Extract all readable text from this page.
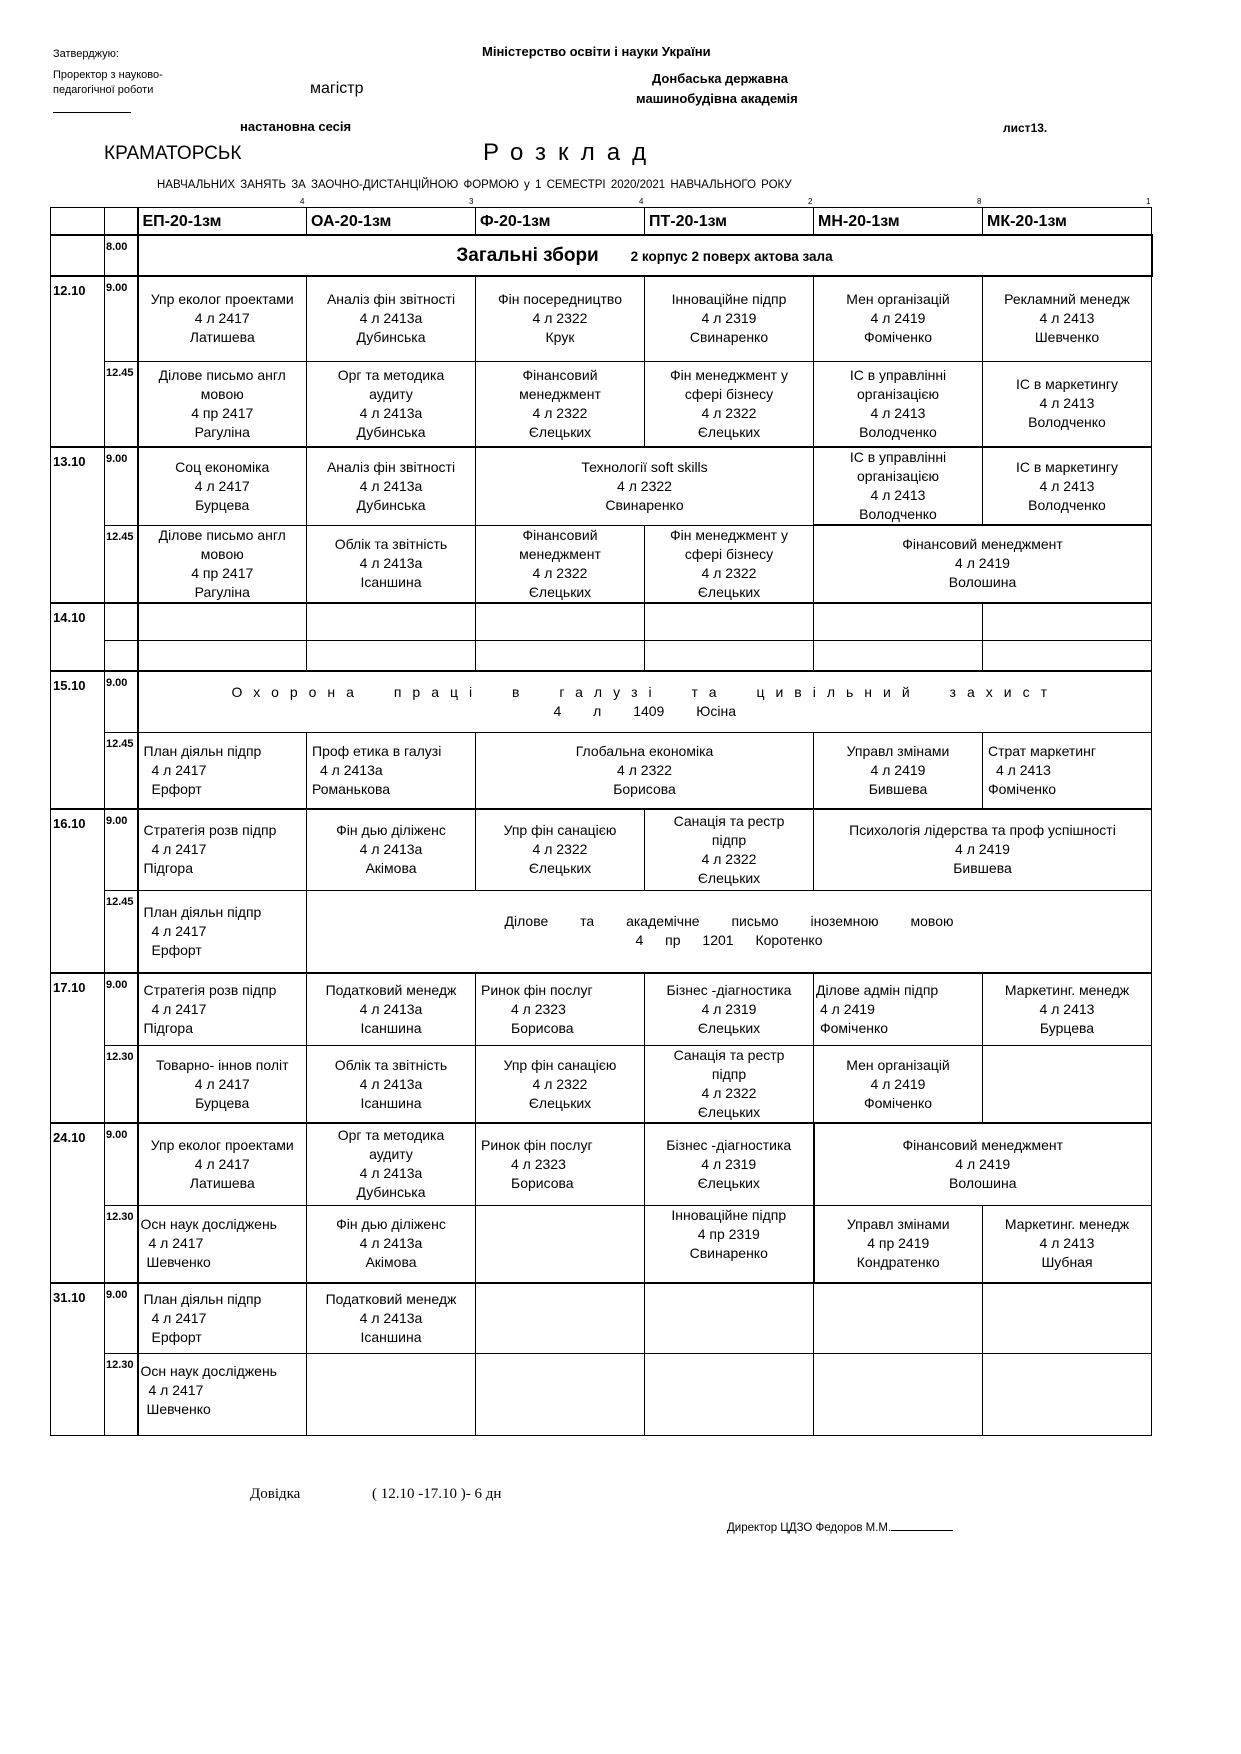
Затверджую:
Проректор з науково-
педагогічної роботи	магістр
Міністерство освіти і науки України
Донбаська державна
машинобудівна академія
настановна сесія	лист13.
КРАМАТОРСЬК	Розклад
НАВЧАЛЬНИХ ЗАНЯТЬ ЗА ЗАОЧНО-ДИСТАНЦІЙНОЮ ФОРМОЮ у 1 СЕМЕСТРІ 2020/2021 НАВЧАЛЬНОГО РОКУ
4	3	4	2	8	1
		ЕП-20-1зм	ОА-20-1зм	Ф-20-1зм	ПТ-20-1зм	МН-20-1зм	МК-20-1зм
	8.00	Загальні збори 2 корпус 2 поверх актова зала					
12.10	9.00	Упр еколог проектами
4 л 2417
Латишева	Аналіз фін звітності
4 л 2413а
Дубинська	Фін посередництво
4 л 2322
Крук	Інноваційне підпр
4 л 2319
Свинаренко	Мен організацій
4 л 2419
Фоміченко	Рекламний менедж
4 л 2413
Шевченко

	12.45	Ділове письмо англ
мовою
4 пр 2417
Рагуліна	Орг та методика
аудиту
4 л 2413а
Дубинська	Фінансовий
менеджмент
4 л 2322
Єлецьких	Фін менеджмент у
сфері бізнесу
4 л 2322
Єлецьких	ІС в управлінні
організацією
4 л 2413
Володченко	ІС в маркетингу
4 л 2413
Володченко

13.10	9.00	Соц економіка
4 л 2417
Бурцева	Аналіз фін звітності
4 л 2413а
Дубинська	Технології soft skills
4 л 2322
Свинаренко		ІС в управлінні
організацією
4 л 2413
Володченко	ІС в маркетингу
4 л 2413
Володченко

	12.45	Ділове письмо англ
мовою
4 пр 2417
Рагуліна	Облік та звітність
4 л 2413а
Ісаншина	Фінансовий
менеджмент
4 л 2322
Єлецьких	Фін менеджмент у
сфері бізнесу
4 л 2322
Єлецьких	Фінансовий менеджмент
4 л 2419
Волошина	

14.10							

15.10	9.00	Охорона праці в галузі та цивільний захист
4 л 1409 Юсіна					

	12.45	План діяльн підпр
4 л 2417
Ерфорт	Проф етика в галузі
4 л 2413а
Романькова	Глобальна економіка
4 л 2322
Борисова		Управл змінами
4 л 2419
Бившева	Страт маркетинг
4 л 2413
Фоміченко

16.10	9.00	Стратегія розв підпр
4 л 2417
Підгора	Фін дью діліженс
4 л 2413а
Акімова	Упр фін санацією
4 л 2322
Єлецьких	Санація та рестр
підпр
4 л 2322
Єлецьких	Психологія лідерства та проф успішності
4 л 2419
Бившева	

	12.45	План діяльн підпр
4 л 2417
Ерфорт	Ділове та академічне письмо іноземною мовою
4 пр 1201 Коротенко				

17.10	9.00	Стратегія розв підпр
4 л 2417
Підгора	Податковий менедж
4 л 2413а
Ісаншина	Ринок фін послуг
4 л 2323
Борисова	Бізнес -діагностика
4 л 2319
Єлецьких	Ділове адмін підпр
4 л 2419
Фоміченко	Маркетинг. менедж
4 л 2413
Бурцева

	12.30	Товарно- іннов політ
4 л 2417
Бурцева	Облік та звітність
4 л 2413а
Ісаншина	Упр фін санацією
4 л 2322
Єлецьких	Санація та рестр
підпр
4 л 2322
Єлецьких	Мен організацій
4 л 2419
Фоміченко	

24.10	9.00	Упр еколог проектами
4 л 2417
Латишева	Орг та методика
аудиту
4 л 2413а
Дубинська	Ринок фін послуг
4 л 2323
Борисова	Бізнес -діагностика
4 л 2319
Єлецьких	Фінансовий менеджмент
4 л 2419
Волошина	

	12.30	Осн наук досліджень
4 л 2417
Шевченко	Фін дью діліженс
4 л 2413а
Акімова		Інноваційне підпр
4 пр 2319
Свинаренко	Управл змінами
4 пр 2419
Кондратенко	Маркетинг. менедж
4 л 2413
Шубная

31.10	9.00	План діяльн підпр
4 л 2417
Ерфорт	Податковий менедж
4 л 2413а
Ісаншина				

	12.30	Осн наук досліджень
4 л 2417
Шевченко					

Довідка	( 12.10 -17.10 )- 6 дн
Директор ЦДЗО Федоров М.М.
